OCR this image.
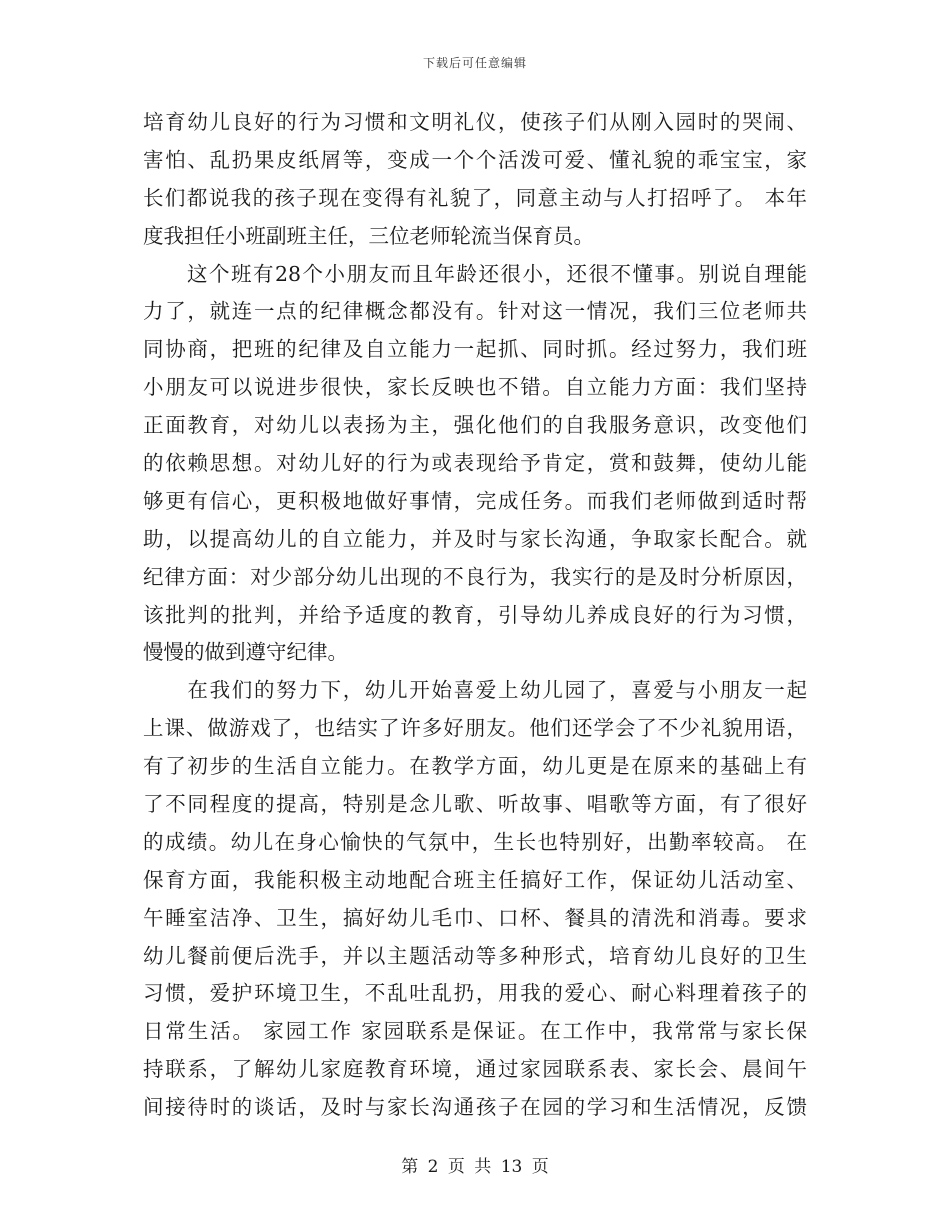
下载后可任意编辑
培育幼儿良好的行为习惯和文明礼仪，使孩子们从刚入园时的哭闹、
害怕、乱扔果皮纸屑等，变成一个个活泼可爱、懂礼貌的乖宝宝，家
长们都说我的孩子现在变得有礼貌了，同意主动与人打招呼了。 本年
度我担任小班副班主任，三位老师轮流当保育员。
　　这个班有28个小朋友而且年龄还很小，还很不懂事。别说自理能
力了，就连一点的纪律概念都没有。针对这一情况，我们三位老师共
同协商，把班的纪律及自立能力一起抓、同时抓。经过努力，我们班
小朋友可以说进步很快，家长反映也不错。自立能力方面：我们坚持
正面教育，对幼儿以表扬为主，强化他们的自我服务意识，改变他们
的依赖思想。对幼儿好的行为或表现给予肯定，赏和鼓舞，使幼儿能
够更有信心，更积极地做好事情，完成任务。而我们老师做到适时帮
助，以提高幼儿的自立能力，并及时与家长沟通，争取家长配合。就
纪律方面：对少部分幼儿出现的不良行为，我实行的是及时分析原因，
该批判的批判，并给予适度的教育，引导幼儿养成良好的行为习惯，
慢慢的做到遵守纪律。
　　在我们的努力下，幼儿开始喜爱上幼儿园了，喜爱与小朋友一起
上课、做游戏了，也结实了许多好朋友。他们还学会了不少礼貌用语，
有了初步的生活自立能力。在教学方面，幼儿更是在原来的基础上有
了不同程度的提高，特别是念儿歌、听故事、唱歌等方面，有了很好
的成绩。幼儿在身心愉快的气氛中，生长也特别好，出勤率较高。 在
保育方面，我能积极主动地配合班主任搞好工作，保证幼儿活动室、
午睡室洁净、卫生，搞好幼儿毛巾、口杯、餐具的清洗和消毒。要求
幼儿餐前便后洗手，并以主题活动等多种形式，培育幼儿良好的卫生
习惯，爱护环境卫生，不乱吐乱扔，用我的爱心、耐心料理着孩子的
日常生活。 家园工作 家园联系是保证。在工作中，我常常与家长保
持联系，了解幼儿家庭教育环境，通过家园联系表、家长会、晨间午
间接待时的谈话，及时与家长沟通孩子在园的学习和生活情况，反馈
第 2 页 共 13 页
